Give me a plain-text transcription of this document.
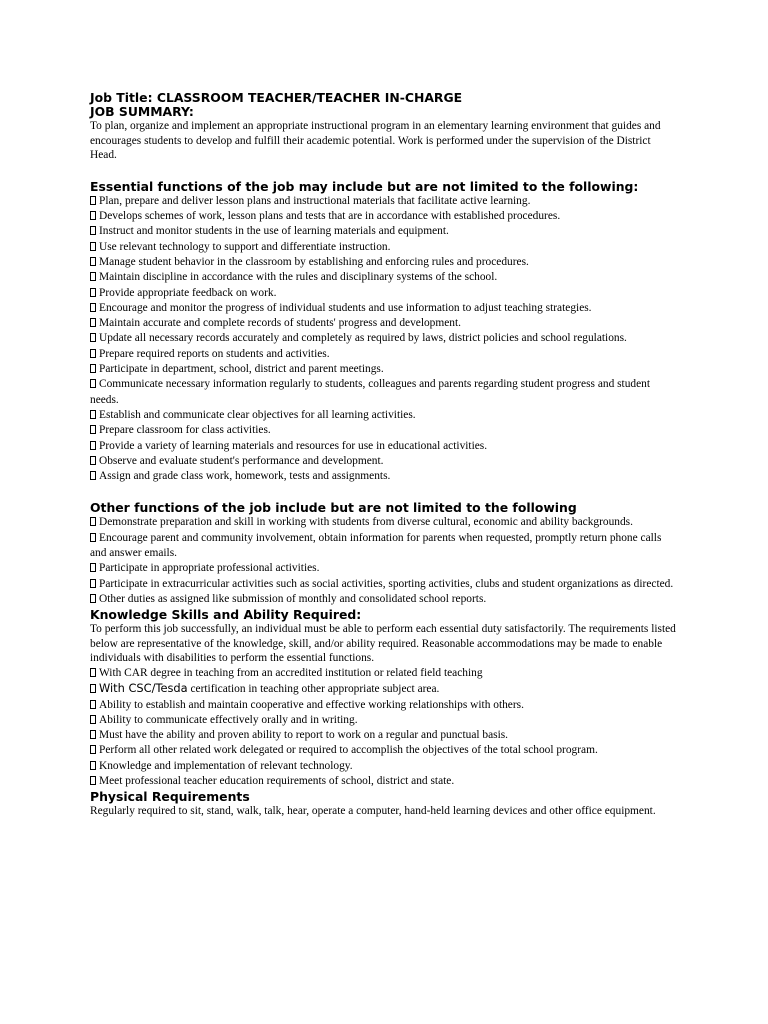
Job Title: CLASSROOM TEACHER/TEACHER IN-CHARGE

JOB SUMMARY:

To plan, organize and implement an appropriate instructional program in an elementary learning environment that guides and encourages students to develop and fulfill their academic potential. Work is performed under the supervision of the District Head.

Essential functions of the job may include but are not limited to the following:

Plan, prepare and deliver lesson plans and instructional materials that facilitate active learning.
Develops schemes of work, lesson plans and tests that are in accordance with established procedures.
Instruct and monitor students in the use of learning materials and equipment.
Use relevant technology to support and differentiate instruction.
Manage student behavior in the classroom by establishing and enforcing rules and procedures.
Maintain discipline in accordance with the rules and disciplinary systems of the school.
Provide appropriate feedback on work.
Encourage and monitor the progress of individual students and use information to adjust teaching strategies.
Maintain accurate and complete records of students' progress and development.
Update all necessary records accurately and completely as required by laws, district policies and school regulations.
Prepare required reports on students and activities.
Participate in department, school, district and parent meetings.
Communicate necessary information regularly to students, colleagues and parents regarding student progress and student needs.
Establish and communicate clear objectives for all learning activities.
Prepare classroom for class activities.
Provide a variety of learning materials and resources for use in educational activities.
Observe and evaluate student's performance and development.
Assign and grade class work, homework, tests and assignments.

Other functions of the job include but are not limited to the following

Demonstrate preparation and skill in working with students from diverse cultural, economic and ability backgrounds.
Encourage parent and community involvement, obtain information for parents when requested, promptly return phone calls
and answer emails.
Participate in appropriate professional activities.
Participate in extracurricular activities such as social activities, sporting activities, clubs and student organizations as directed.
Other duties as assigned like submission of monthly and consolidated school reports.

Knowledge Skills and Ability Required:

To perform this job successfully, an individual must be able to perform each essential duty satisfactorily. The requirements listed below are representative of the knowledge, skill, and/or ability required. Reasonable accommodations may be made to enable
individuals with disabilities to perform the essential functions.

With CAR degree in teaching from an accredited institution or related field teaching
With CSC/Tesda certification in teaching other appropriate subject area.
Ability to establish and maintain cooperative and effective working relationships with others.
Ability to communicate effectively orally and in writing.
Must have the ability and proven ability to report to work on a regular and punctual basis.
Perform all other related work delegated or required to accomplish the objectives of the total school program.
Knowledge and implementation of relevant technology.
Meet professional teacher education requirements of school, district and state.

Physical Requirements

Regularly required to sit, stand, walk, talk, hear, operate a computer, hand-held learning devices and other office equipment.
